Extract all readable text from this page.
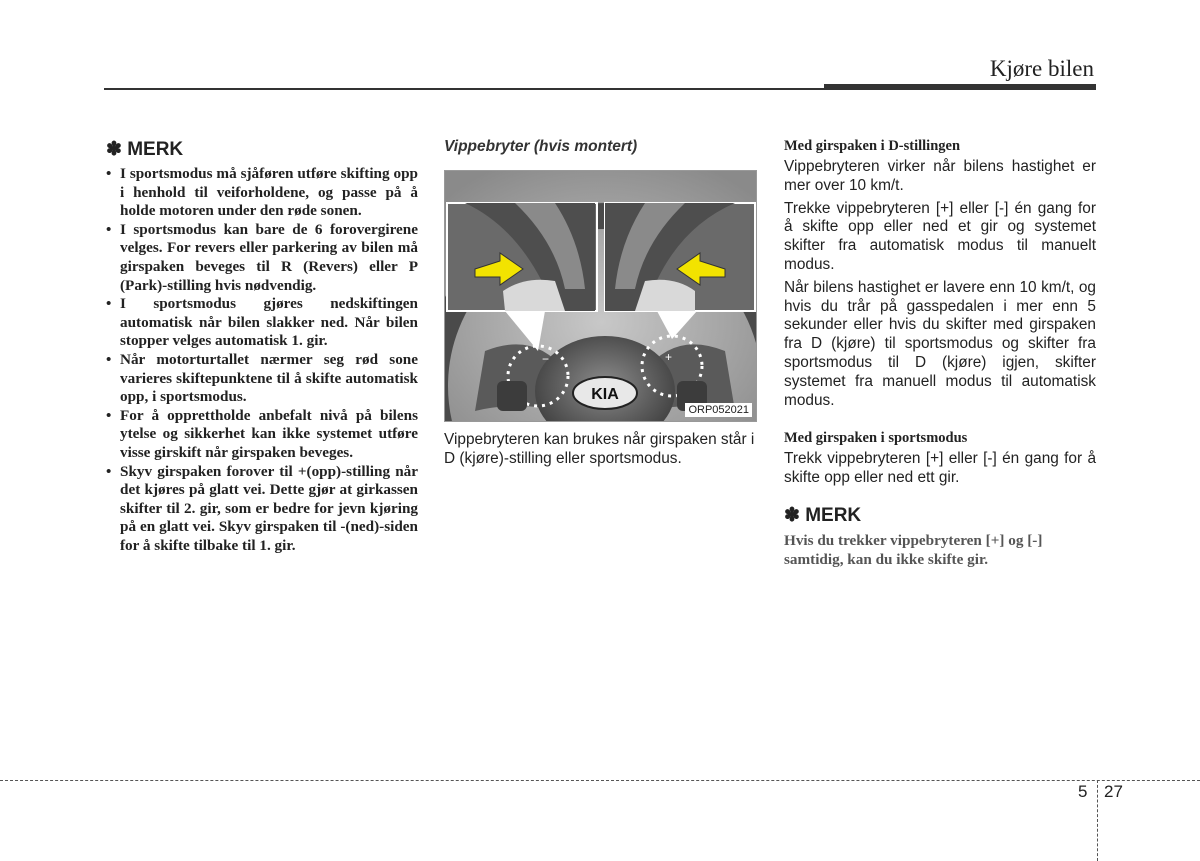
Kjøre bilen
✽ MERK
• I sportsmodus må sjåføren utføre skifting opp i henhold til veiforholdene, og passe på å holde motoren under den røde sonen.
• I sportsmodus kan bare de 6 forovergirene velges. For revers eller parkering av bilen må girspaken beveges til R (Revers) eller P (Park)-stilling hvis nødvendig.
• I sportsmodus gjøres nedskiftingen automatisk når bilen slakker ned. Når bilen stopper velges automatisk 1. gir.
• Når motorturtallet nærmer seg rød sone varieres skiftepunktene til å skifte automatisk opp, i sportsmodus.
• For å opprettholde anbefalt nivå på bilens ytelse og sikkerhet kan ikke systemet utføre visse girskift når girspaken beveges.
• Skyv girspaken forover til +(opp)-stilling når det kjøres på glatt vei. Dette gjør at girkassen skifter til 2. gir, som er bedre for jevn kjøring på en glatt vei. Skyv girspaken til -(ned)-siden for å skifte tilbake til 1. gir.
Vippebryter (hvis montert)
KIA
−	+
ORP052021
Vippebryteren kan brukes når girspaken står i D (kjøre)-stilling eller sportsmodus.
Med girspaken i D-stillingen

Vippebryteren virker når bilens hastighet er mer over 10 km/t.

Trekke vippebryteren [+] eller [-] én gang for å skifte opp eller ned et gir og systemet skifter fra automatisk modus til manuelt modus.

Når bilens hastighet er lavere enn 10 km/t, og hvis du trår på gasspedalen i mer enn 5 sekunder eller hvis du skifter med girspaken fra D (kjøre) til sportsmodus og skifter fra sportsmodus til D (kjøre) igjen, skifter systemet fra manuell modus til automatisk modus.

Med girspaken i sportsmodus

Trekk vippebryteren [+] eller [-] én gang for å skifte opp eller ned ett gir.

✽ MERK
Hvis du trekker vippebryteren [+] og [-] samtidig, kan du ikke skifte gir.
5 27
